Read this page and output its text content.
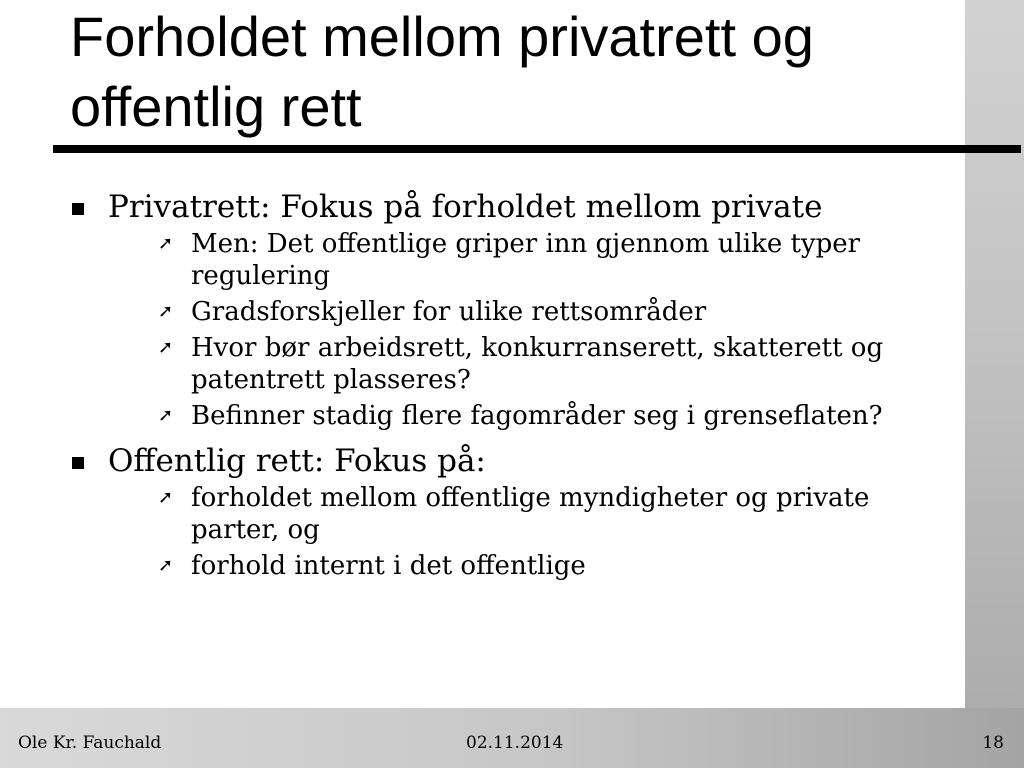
Forholdet mellom privatrett og offentlig rett
Privatrett: Fokus på forholdet mellom private
➚ Men: Det offentlige griper inn gjennom ulike typer regulering
➚ Gradsforskjeller for ulike rettsområder
➚ Hvor bør arbeidsrett, konkurranserett, skatterett og patentrett plasseres?
➚ Befinner stadig flere fagområder seg i grenseflaten?
Offentlig rett: Fokus på:
➚ forholdet mellom offentlige myndigheter og private parter, og
➚ forhold internt i det offentlige
Ole Kr. Fauchald	02.11.2014	18
